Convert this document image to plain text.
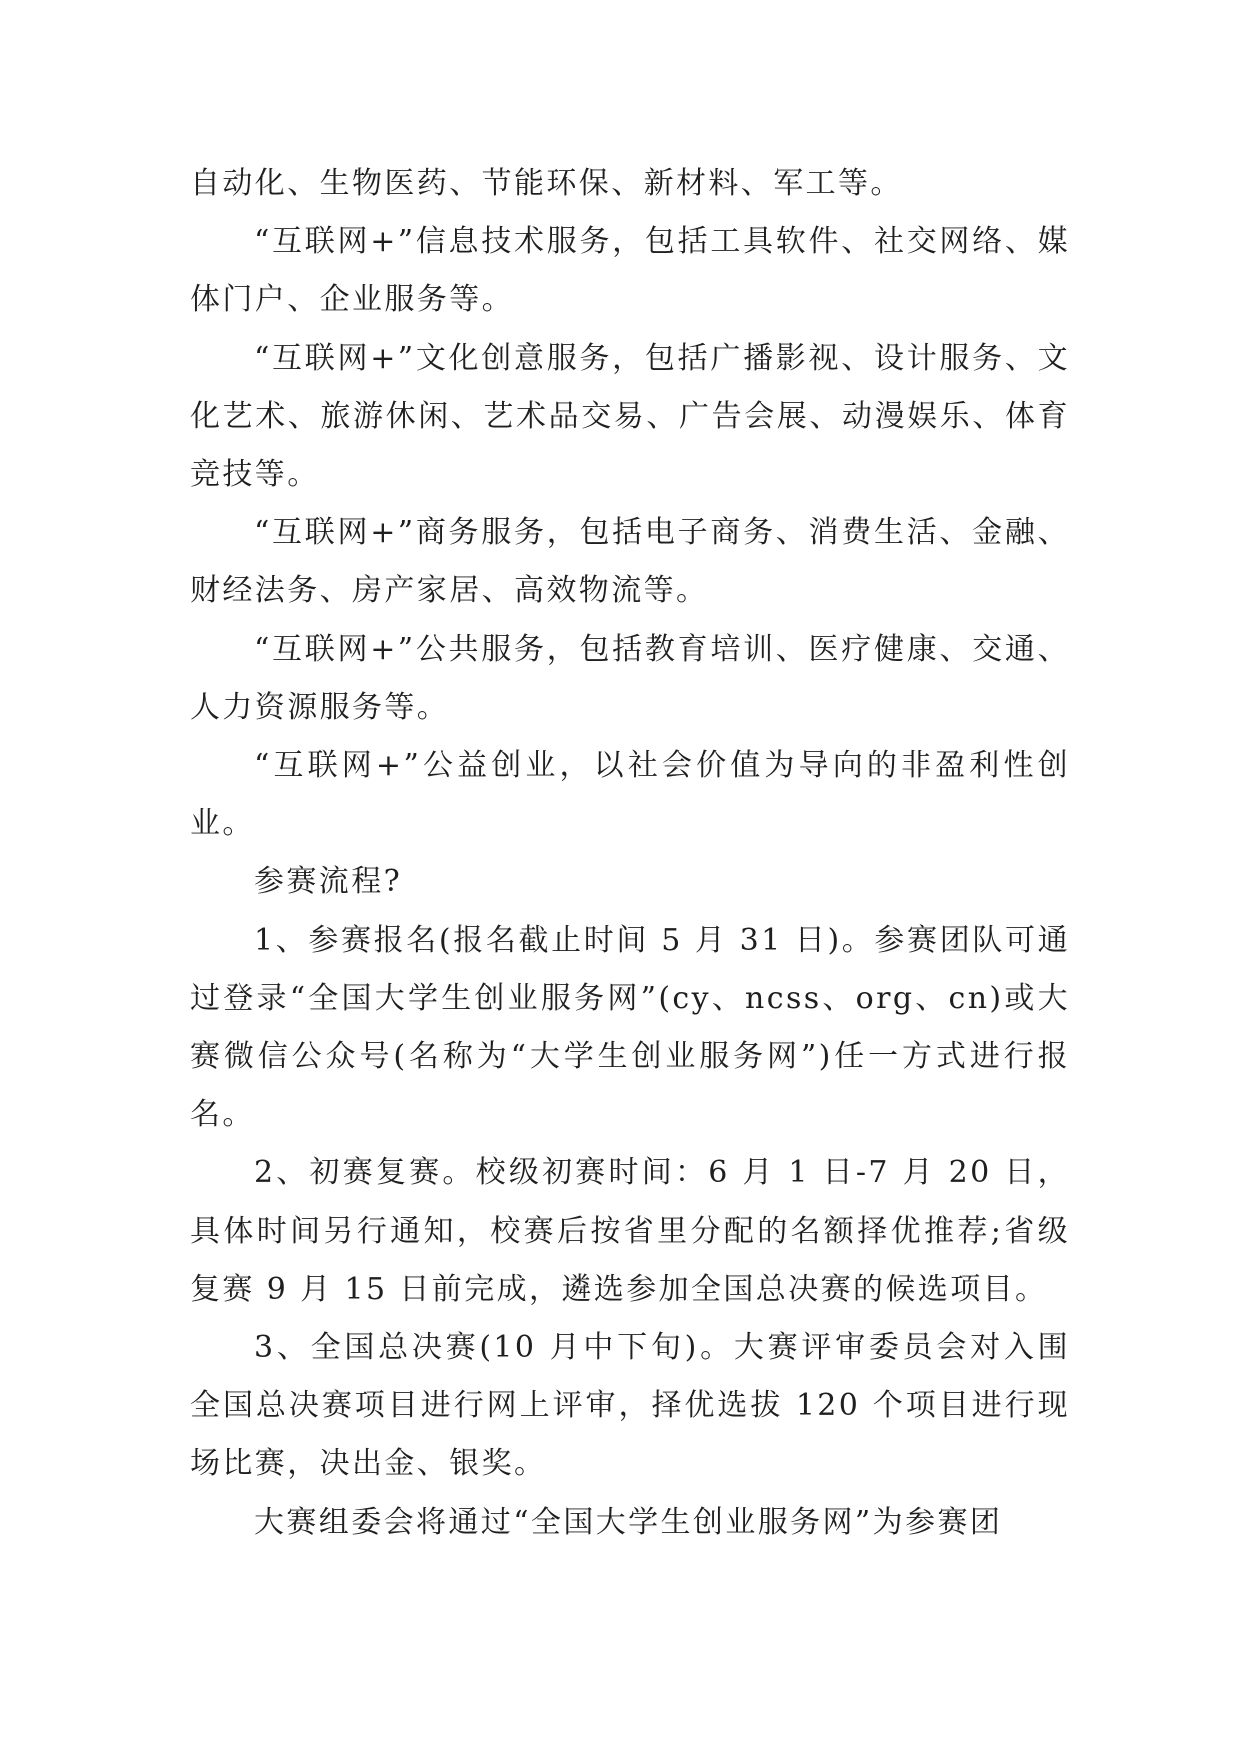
自动化、生物医药、节能环保、新材料、军工等。

“互联网+”信息技术服务，包括工具软件、社交网络、媒体门户、企业服务等。

“互联网+”文化创意服务，包括广播影视、设计服务、文化艺术、旅游休闲、艺术品交易、广告会展、动漫娱乐、体育竞技等。

“互联网+”商务服务，包括电子商务、消费生活、金融、财经法务、房产家居、高效物流等。

“互联网+”公共服务，包括教育培训、医疗健康、交通、人力资源服务等。

“互联网+”公益创业，以社会价值为导向的非盈利性创业。

参赛流程?

1、参赛报名(报名截止时间 5 月 31 日)。参赛团队可通过登录“全国大学生创业服务网”(cy、ncss、org、cn)或大赛微信公众号(名称为“大学生创业服务网”)任一方式进行报名。

2、初赛复赛。校级初赛时间：6 月 1 日-7 月 20 日，具体时间另行通知，校赛后按省里分配的名额择优推荐;省级复赛 9 月 15 日前完成，遴选参加全国总决赛的候选项目。

3、全国总决赛(10 月中下旬)。大赛评审委员会对入围全国总决赛项目进行网上评审，择优选拔 120 个项目进行现场比赛，决出金、银奖。

大赛组委会将通过“全国大学生创业服务网”为参赛团
